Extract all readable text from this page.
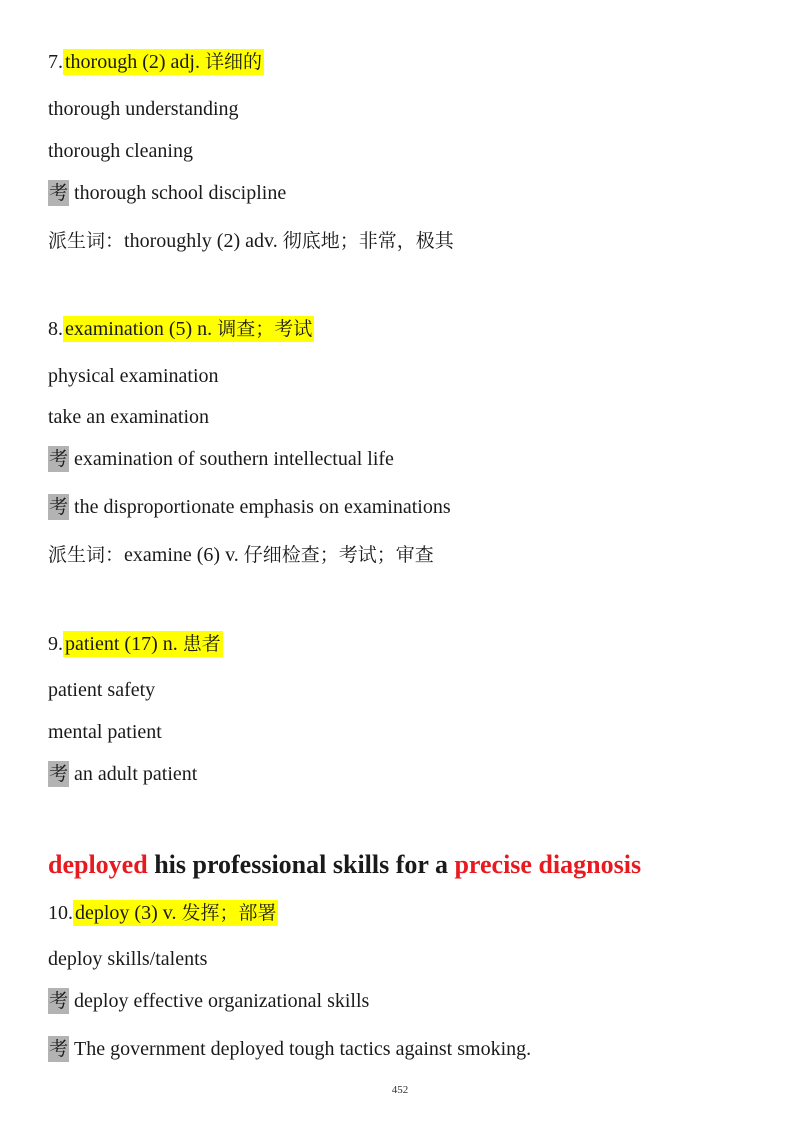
7. thorough (2) adj. 详细的
thorough understanding
thorough cleaning
考 thorough school discipline
派生词：thoroughly (2) adv. 彻底地；非常，极其
8. examination (5) n. 调查；考试
physical examination
take an examination
考 examination of southern intellectual life
考 the disproportionate emphasis on examinations
派生词：examine (6) v. 仔细检查；考试；审查
9. patient (17) n. 患者
patient safety
mental patient
考 an adult patient
deployed his professional skills for a precise diagnosis
10. deploy (3) v. 发挥；部署
deploy skills/talents
考 deploy effective organizational skills
考 The government deployed tough tactics against smoking.
452
